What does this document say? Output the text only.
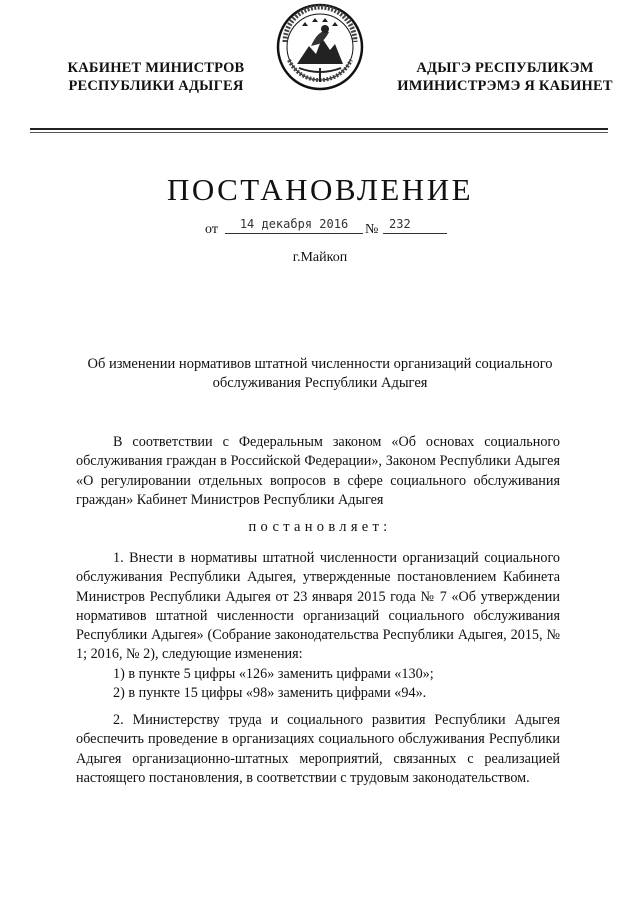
КАБИНЕТ МИНИСТРОВ
РЕСПУБЛИКИ АДЫГЕЯ
АДЫГЭ РЕСПУБЛИКЭМ
ИМИНИСТРЭМЭ Я КАБИНЕТ
ПОСТАНОВЛЕНИЕ
от	14 декабря 2016	№ 232
г.Майкоп
Об изменении нормативов штатной численности организаций социального обслуживания Республики Адыгея

В соответствии с Федеральным законом «Об основах социального обслуживания граждан в Российской Федерации», Законом Республики Адыгея «О регулировании отдельных вопросов в сфере социального обслуживания граждан» Кабинет Министров Республики Адыгея

постановляет:

1. Внести в нормативы штатной численности организаций социального обслуживания Республики Адыгея, утвержденные постановлением Кабинета Министров Республики Адыгея от 23 января 2015 года № 7 «Об утверждении нормативов штатной численности организаций социального обслуживания Республики Адыгея» (Собрание законодательства Республики Адыгея, 2015, № 1; 2016, № 2), следующие изменения:

1) в пункте 5 цифры «126» заменить цифрами «130»;

2) в пункте 15 цифры «98» заменить цифрами «94».

2. Министерству труда и социального развития Республики Адыгея обеспечить проведение в организациях социального обслуживания Республики Адыгея организационно-штатных мероприятий, связанных с реализацией настоящего постановления, в соответствии с трудовым законодательством.
